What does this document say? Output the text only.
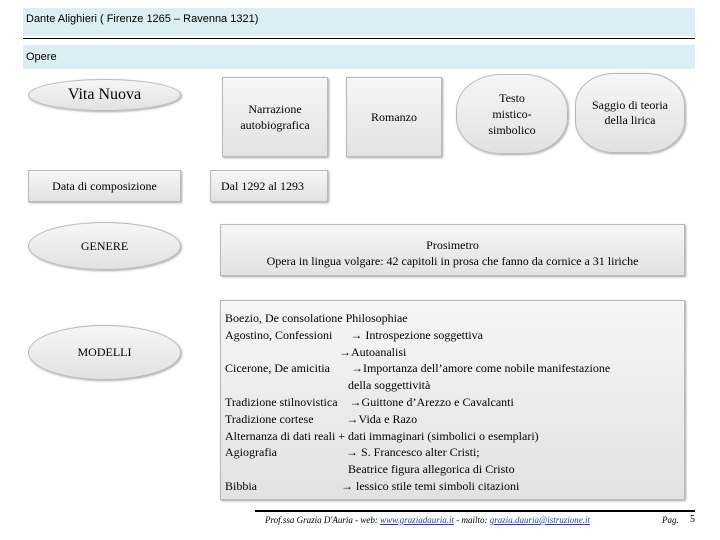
Dante Alighieri ( Firenze 1265 – Ravenna 1321)
Opere
Vita Nuova
Narrazione
autobiografica
Romanzo
Testo
mistico-
simbolico
Saggio di teoria
della lirica
Data di composizione	Dal 1292 al 1293
GENERE	Prosimetro
Opera in lingua volgare: 42 capitoli in prosa che fanno da cornice a 31 liriche
MODELLI
Boezio, De consolatione Philosophiae
Agostino, Confessioni      → Introspezione soggettiva
→Autoanalisi
Cicerone, De amicitia       →Importanza dell’amore come nobile manifestazione
della soggettività
Tradizione stilnovistica    →Guittone d’Arezzo e Cavalcanti
Tradizione cortese           →Vida e Razo
Alternanza di dati reali + dati immaginari (simbolici o esemplari)
Agiografia                       → S. Francesco alter Cristi;
Beatrice figura allegorica di Cristo
Bibbia                            → lessico stile temi simboli citazioni
Prof.ssa Grazia D'Auria - web: www.graziadauria.it - mailto: grazia.dauria@istruzione.it	Pag. 5
